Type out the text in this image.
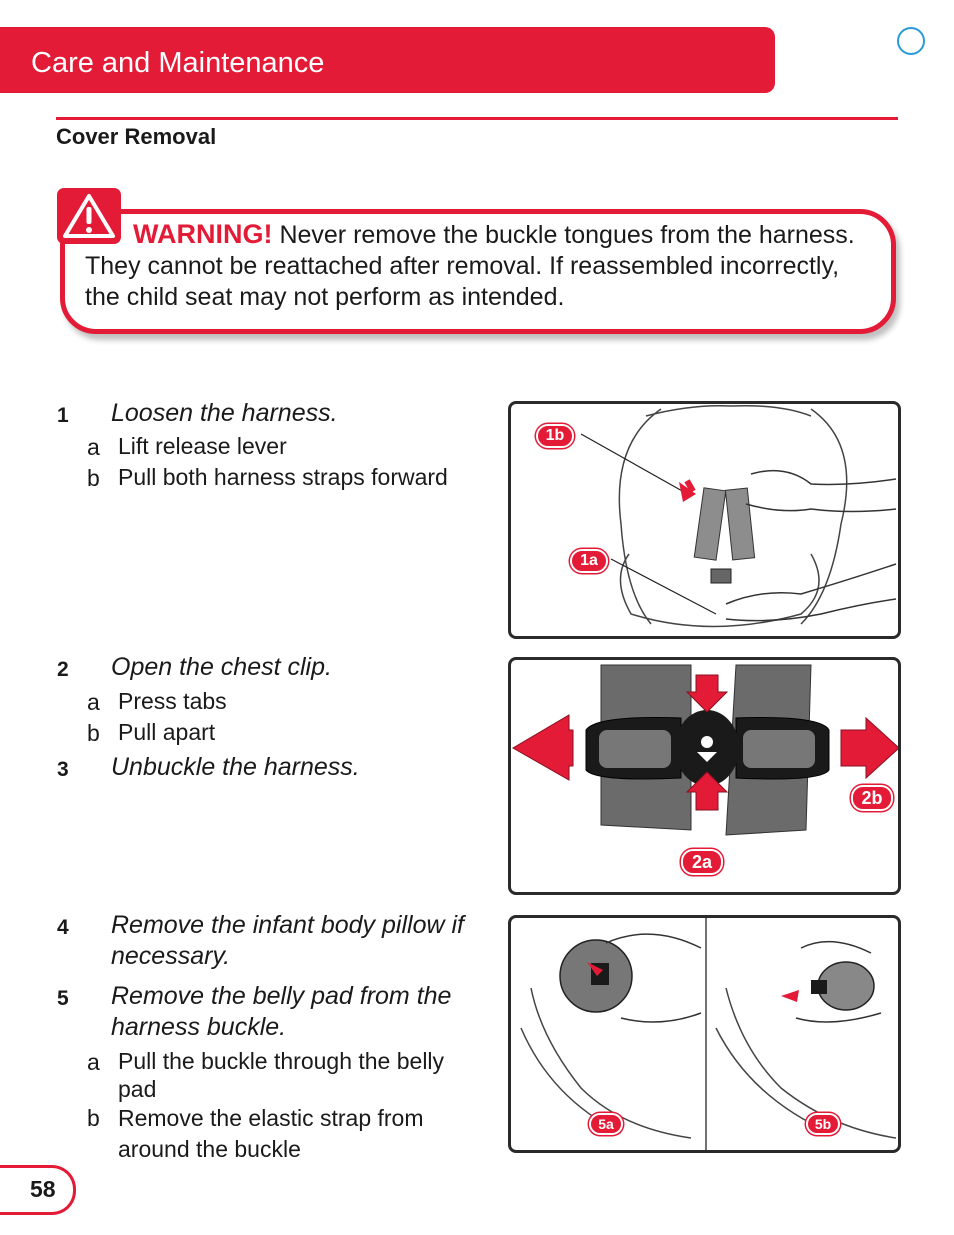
Care and Maintenance
Cover Removal
WARNING! Never remove the buckle tongues from the harness. They cannot be reattached after removal. If reassembled incorrectly, the child seat may not perform as intended.
1 Loosen the harness.
a Lift release lever
b Pull both harness straps forward
2 Open the chest clip.
a Press tabs
b Pull apart
3 Unbuckle the harness.
4 Remove the infant body pillow if necessary.
5 Remove the belly pad from the harness buckle.
a Pull the buckle through the belly pad
b Remove the elastic strap from around the buckle
1b
1a
2b
2a
5a	5b
58
